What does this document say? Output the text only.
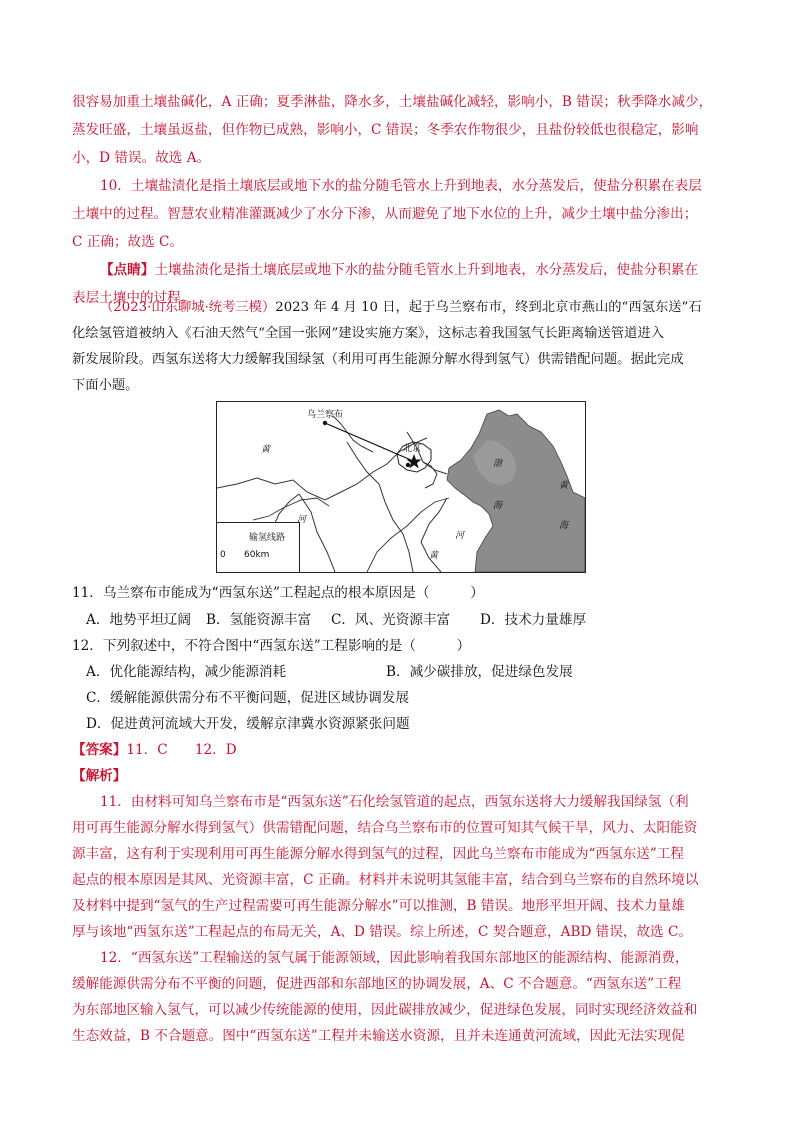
很容易加重土壤盐碱化，A 正确；夏季淋盐，降水多，土壤盐碱化减轻，影响小，B 错误；秋季降水减少，
蒸发旺盛，土壤虽返盐，但作物已成熟，影响小，C 错误；冬季农作物很少，且盐份较低也很稳定，影响
小，D 错误。故选 A。
10．土壤盐渍化是指土壤底层或地下水的盐分随毛管水上升到地表，水分蒸发后，使盐分积累在表层
土壤中的过程。智慧农业精准灌溉减少了水分下渗，从而避免了地下水位的上升，减少土壤中盐分渗出；
C 正确；故选 C。
【点睛】土壤盐渍化是指土壤底层或地下水的盐分随毛管水上升到地表，水分蒸发后，使盐分积累在
表层土壤中的过程。
（2023·山东聊城·统考三模）2023 年 4 月 10 日，起于乌兰察布市，终到北京市燕山的“西氢东送”石
化绘氢管道被纳入《石油天然气“全国一张网”建设实施方案》，这标志着我国氢气长距离输送管道进入
新发展阶段。西氢东送将大力缓解我国绿氢（利用可再生能源分解水得到氢气）供需错配问题。据此完成
乌兰察布
北京
黄
河
河
黄
渤
海
黄
海
输氢线路
0 60km
11．乌兰察布市能成为“西氢东送”工程起点的根本原因是（　　　）
A．地势平坦辽阔 B．氢能资源丰富 C．风、光资源丰富 D．技术力量雄厚
12．下列叙述中，不符合图中“西氢东送”工程影响的是（　　　）
A．优化能源结构，减少能源消耗	B．减少碳排放，促进绿色发展
C．缓解能源供需分布不平衡问题，促进区域协调发展
D．促进黄河流域大开发，缓解京津冀水资源紧张问题
【答案】11．C　　12．D
【解析】
11．由材料可知乌兰察布市是“西氢东送”石化绘氢管道的起点，西氢东送将大力缓解我国绿氢（利
用可再生能源分解水得到氢气）供需错配问题，结合乌兰察布市的位置可知其气候干旱，风力、太阳能资
源丰富，这有利于实现利用可再生能源分解水得到氢气的过程，因此乌兰察布市能成为“西氢东送”工程
起点的根本原因是其风、光资源丰富，C 正确。材料并未说明其氢能丰富，结合到乌兰察布的自然环境以
及材料中提到“氢气的生产过程需要可再生能源分解水”可以推测，B 错误。地形平坦开阔、技术力量雄
厚与该地“西氢东送”工程起点的布局无关，A、D 错误。综上所述，C 契合题意，ABD 错误，故选 C。
12．“西氢东送”工程输送的氢气属于能源领域，因此影响着我国东部地区的能源结构、能源消费，
缓解能源供需分布不平衡的问题，促进西部和东部地区的协调发展，A、C 不合题意。“西氢东送”工程
为东部地区输入氢气，可以减少传统能源的使用，因此碳排放减少，促进绿色发展，同时实现经济效益和
生态效益，B 不合题意。图中“西氢东送”工程并未输送水资源，且并未连通黄河流域，因此无法实现促
下面小题。
